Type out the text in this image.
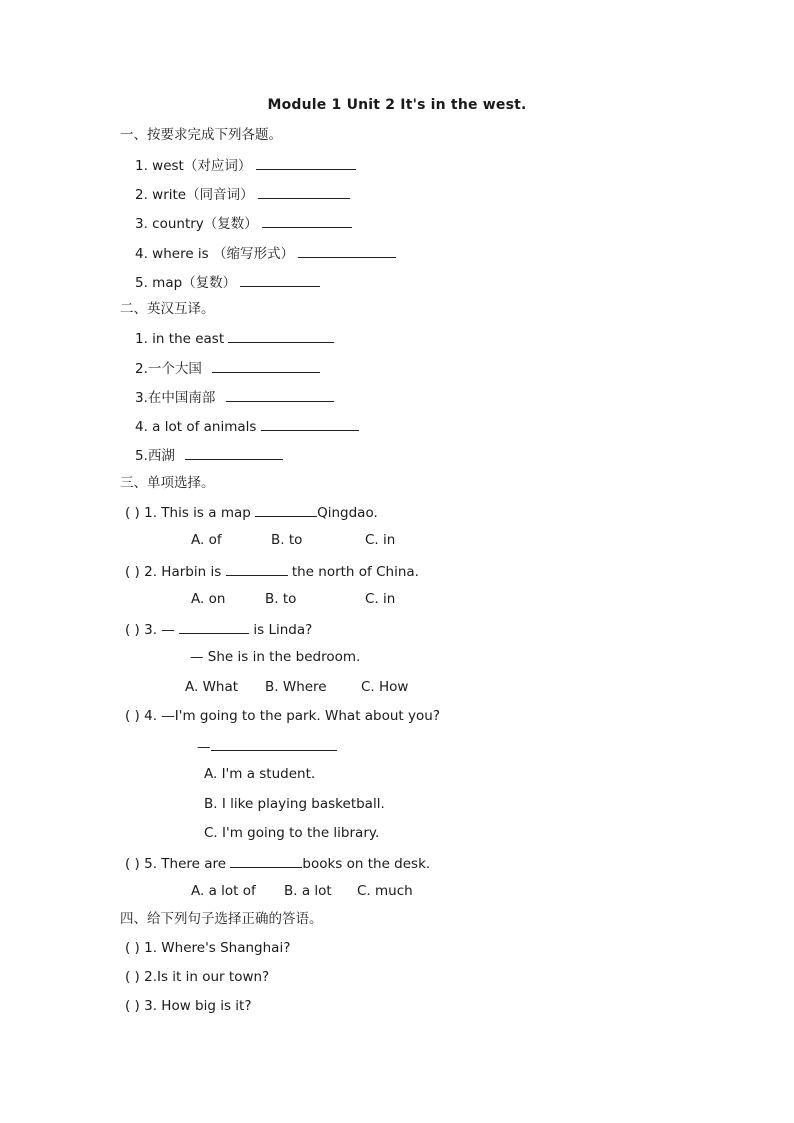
Module 1 Unit 2 It's in the west.
一、按要求完成下列各题。
1. west（对应词）
2. write（同音词）
3. country（复数）
4. where is （缩写形式）
5. map（复数）
二、英汉互译。
1. in the east
2.一个大国
3.在中国南部
4. a lot of animals
5.西湖
三、单项选择。
( ) 1. This is a map	Qingdao.
A. of	B. to	C. in
( ) 2. Harbin is	the north of China.
A. on	B. to	C. in
( ) 3. —	is Linda?
— She is in the bedroom.
A. What B. Where	C. How
( ) 4. —I'm going to the park. What about you?
—
A. I'm a student.
B. I like playing basketball.
C. I'm going to the library.
( ) 5. There are	books on the desk.
A. a lot of B. a lot C. much
四、给下列句子选择正确的答语。
( ) 1. Where's Shanghai?
( ) 2.Is it in our town?
( ) 3. How big is it?
